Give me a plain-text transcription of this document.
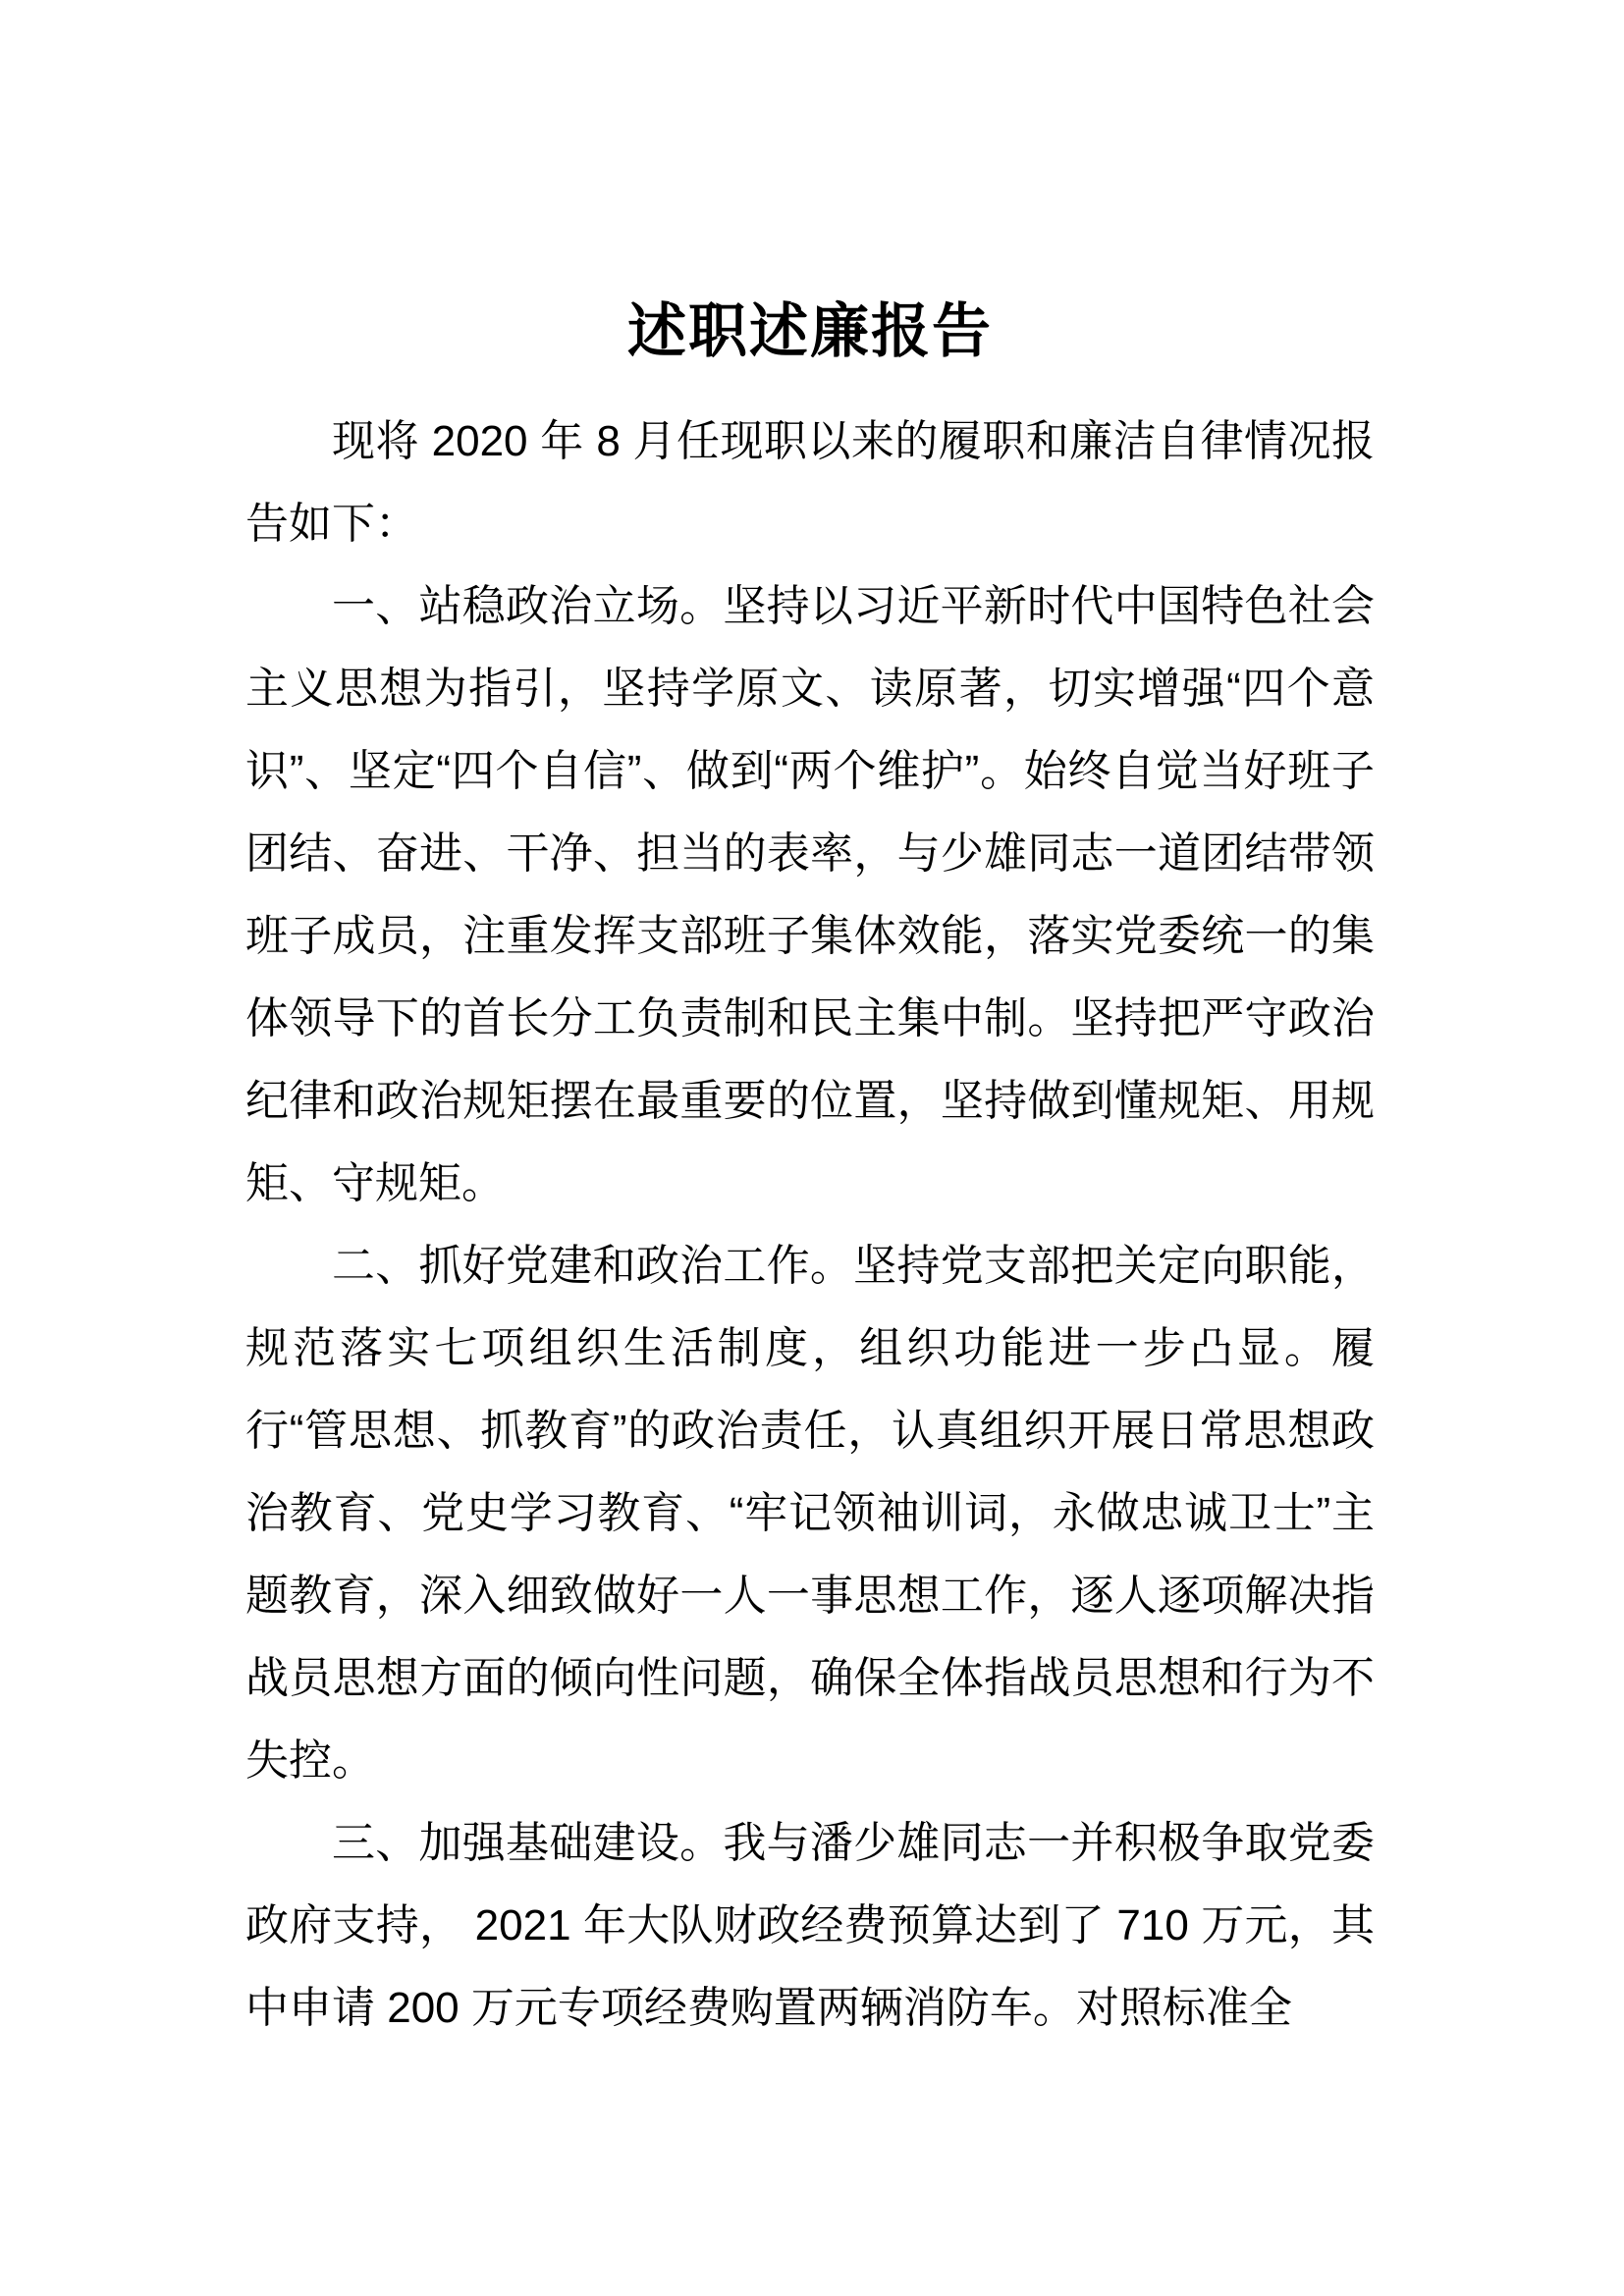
述职述廉报告

现将 2020 年 8 月任现职以来的履职和廉洁自律情况报告如下：

一、站稳政治立场。坚持以习近平新时代中国特色社会主义思想为指引，坚持学原文、读原著，切实增强“四个意识”、坚定“四个自信”、做到“两个维护”。始终自觉当好班子团结、奋进、干净、担当的表率，与少雄同志一道团结带领班子成员，注重发挥支部班子集体效能，落实党委统一的集体领导下的首长分工负责制和民主集中制。坚持把严守政治纪律和政治规矩摆在最重要的位置，坚持做到懂规矩、用规矩、守规矩。

二、抓好党建和政治工作。坚持党支部把关定向职能，规范落实七项组织生活制度，组织功能进一步凸显。履行“管思想、抓教育”的政治责任，认真组织开展日常思想政治教育、党史学习教育、“牢记领袖训词，永做忠诚卫士”主题教育，深入细致做好一人一事思想工作，逐人逐项解决指战员思想方面的倾向性问题，确保全体指战员思想和行为不失控。

三、加强基础建设。我与潘少雄同志一并积极争取党委政府支持， 2021 年大队财政经费预算达到了 710 万元，其中申请 200 万元专项经费购置两辆消防车。对照标准全
